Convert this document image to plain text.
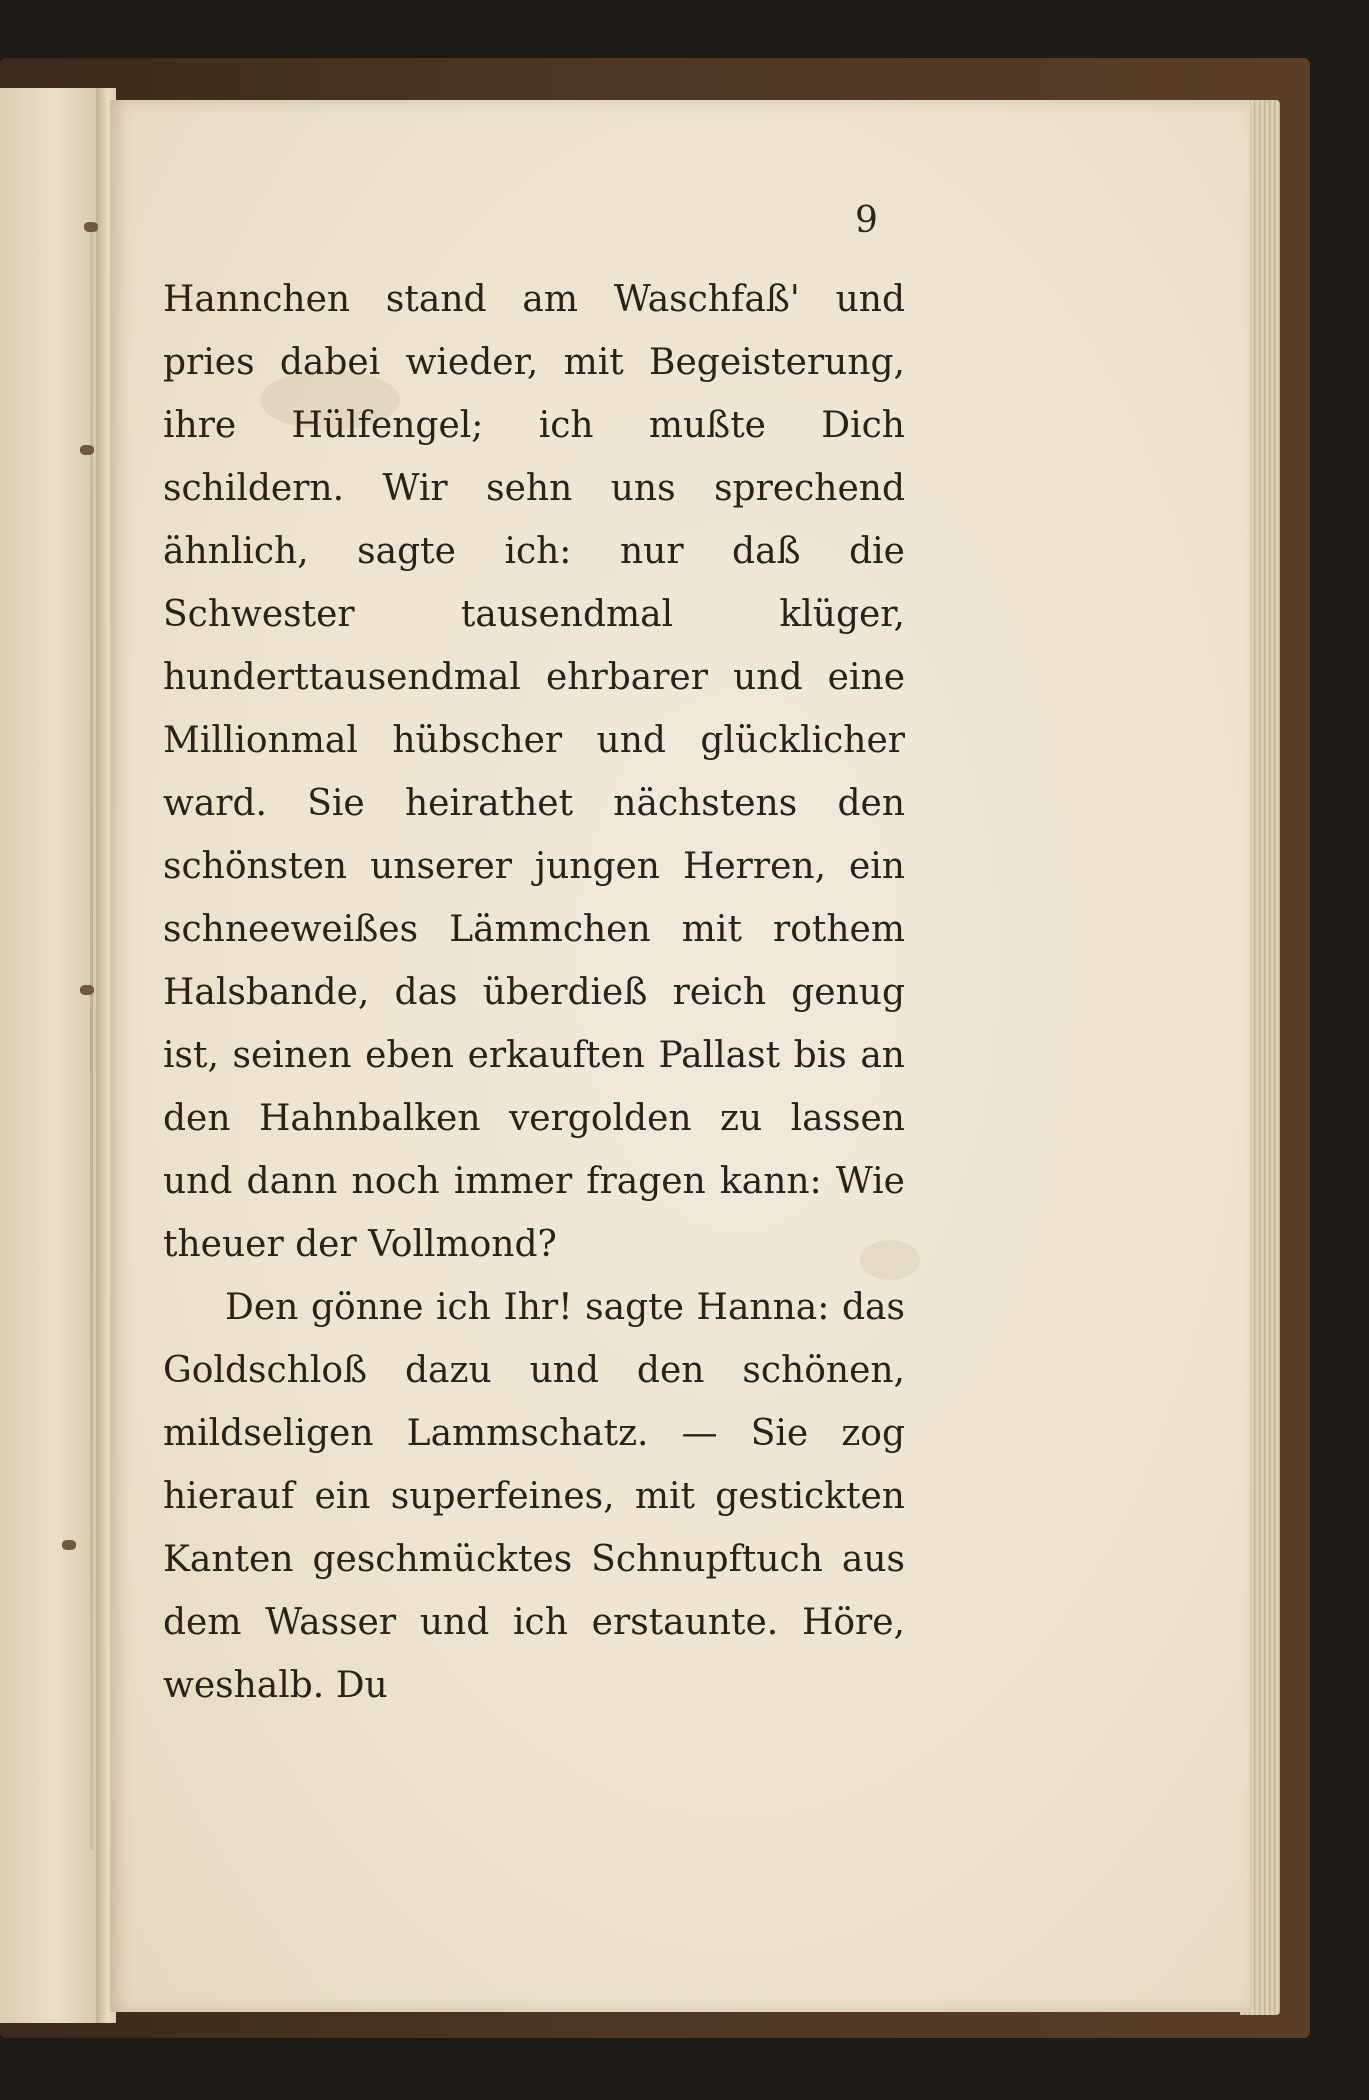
9

Hannchen stand am Waschfaß' und pries dabei wieder, mit Begeisterung, ihre Hülfengel; ich mußte Dich schildern. Wir sehn uns sprechend ähnlich, sagte ich: nur daß die Schwester tausendmal klüger, hunderttausendmal ehrbarer und eine Millionmal hübscher und glücklicher ward. Sie heirathet nächstens den schönsten unserer jungen Herren, ein schneeweißes Lämmchen mit rothem Halsbande, das überdieß reich genug ist, seinen eben erkauften Pallast bis an den Hahnbalken vergolden zu lassen und dann noch immer fragen kann: Wie theuer der Vollmond?

Den gönne ich Ihr! sagte Hanna: das Goldschloß dazu und den schönen, mildseligen Lammschatz. — Sie zog hierauf ein superfeines, mit gestickten Kanten geschmücktes Schnupftuch aus dem Wasser und ich erstaunte. Höre, weshalb. Du
